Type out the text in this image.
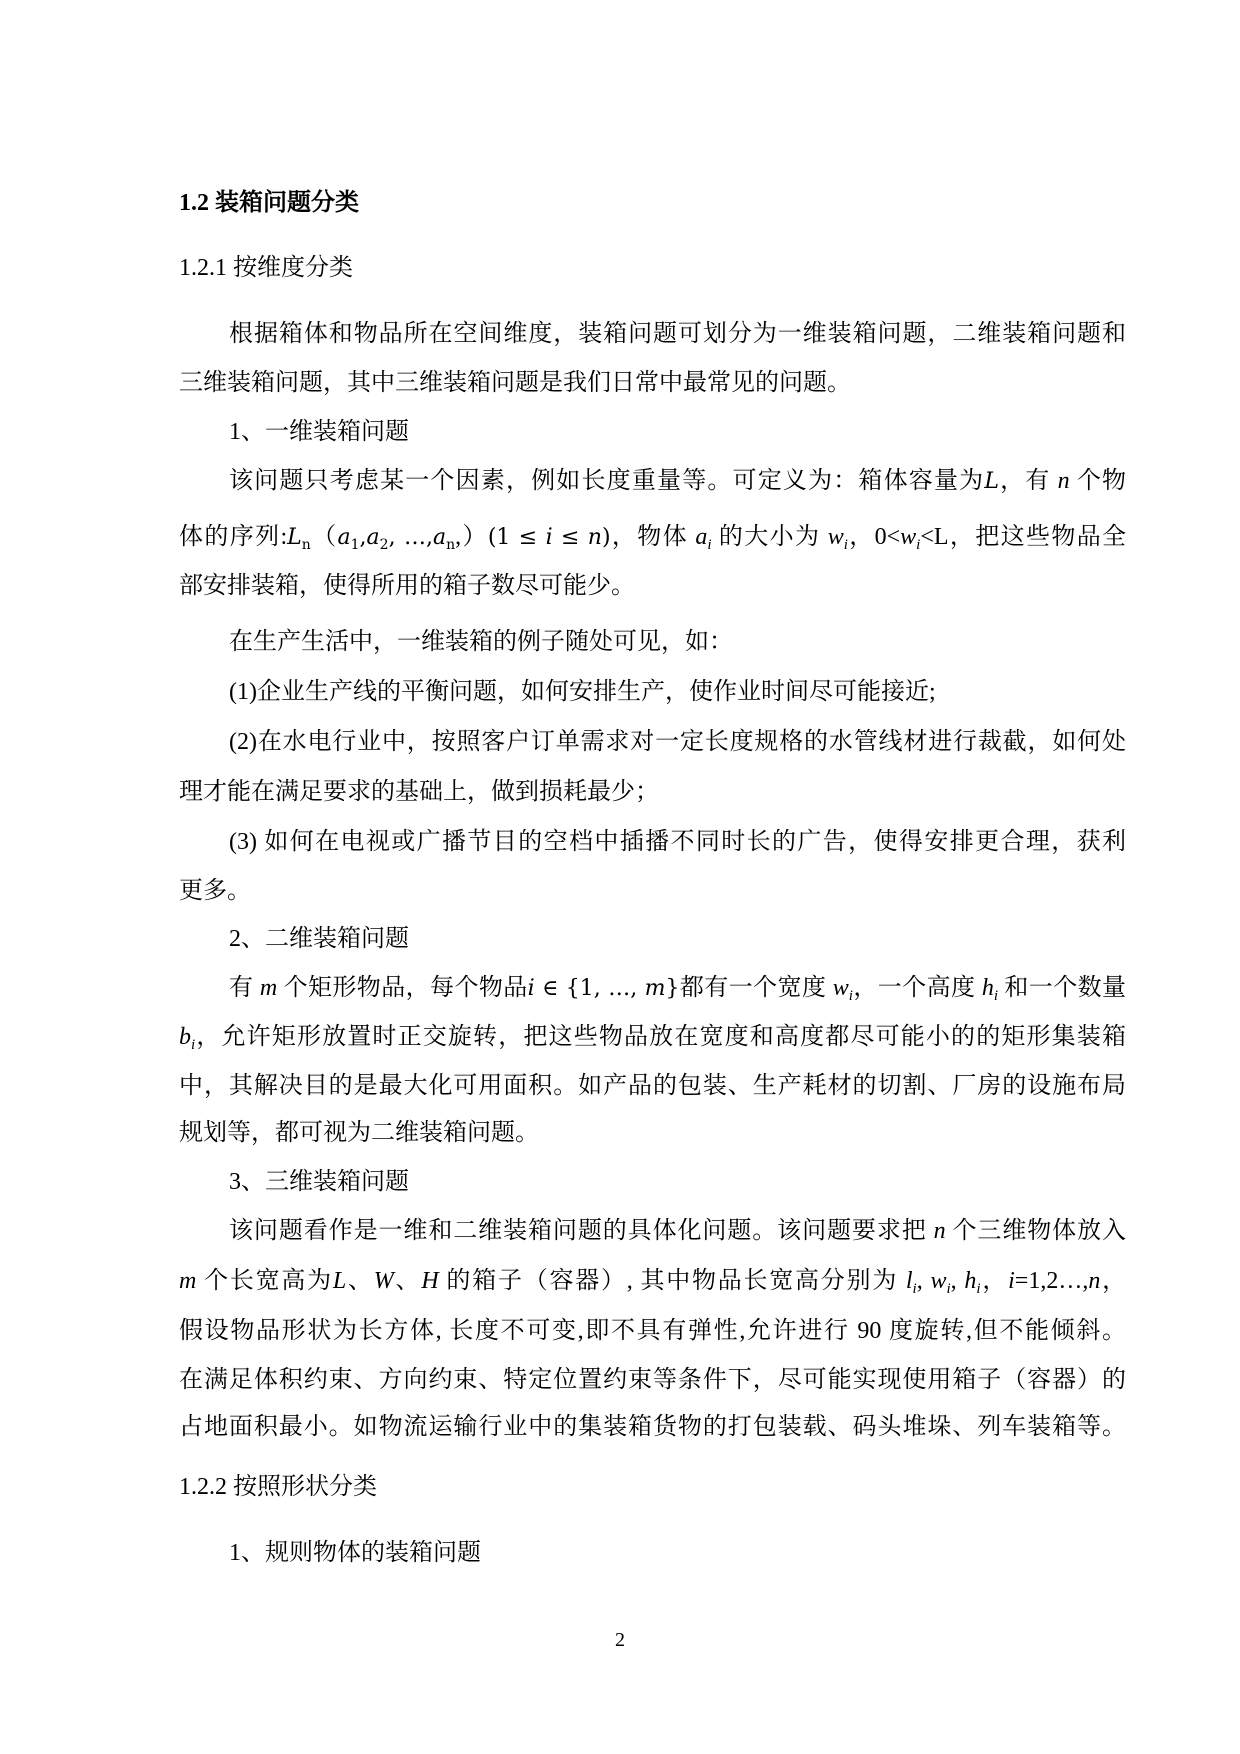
2
1.2 装箱问题分类
1.2.1 按维度分类
根据箱体和物品所在空间维度，装箱问题可划分为一维装箱问题，二维装箱问题和
三维装箱问题，其中三维装箱问题是我们日常中最常见的问题。
1、一维装箱问题
该问题只考虑某一个因素，例如长度重量等。可定义为：箱体容量为L，有 n 个物
体的序列$:L_n(a_1,a_2$, $\dots,a_n,)(1 \le i \le n)$，物体 $a_i$ 的大小为 $w_i$，$0<w_i<L$，把这些物品全
部安排装箱，使得所用的箱子数尽可能少。
在生产生活中，一维装箱的例子随处可见，如：
(1)企业生产线的平衡问题，如何安排生产，使作业时间尽可能接近;
(2)在水电行业中，按照客户订单需求对一定长度规格的水管线材进行裁截，如何处
理才能在满足要求的基础上，做到损耗最少；
(3) 如何在电视或广播节目的空档中插播不同时长的广告，使得安排更合理，获利
更多。
2、二维装箱问题
有 m 个矩形物品，每个物品i ∈ {1, …, m}都有一个宽度 $w_i$，一个高度 $h_i$ 和一个数量
$b_i$，允许矩形放置时正交旋转，把这些物品放在宽度和高度都尽可能小的的矩形集装箱
中，其解决目的是最大化可用面积。如产品的包装、生产耗材的切割、厂房的设施布局
规划等，都可视为二维装箱问题。
3、三维装箱问题
该问题看作是一维和二维装箱问题的具体化问题。该问题要求把 n 个三维物体放入
m 个长宽高为L、W、H 的箱子（容器）, 其中物品长宽高分别为 $l_i$, $w_i$, $h_i$，i=1,2…,n，
假设物品形状为长方体, 长度不可变,即不具有弹性,允许进行 90 度旋转,但不能倾斜。
在满足体积约束、方向约束、特定位置约束等条件下，尽可能实现使用箱子（容器）的
占地面积最小。如物流运输行业中的集装箱货物的打包装载、码头堆垛、列车装箱等。
1.2.2 按照形状分类
1、规则物体的装箱问题
